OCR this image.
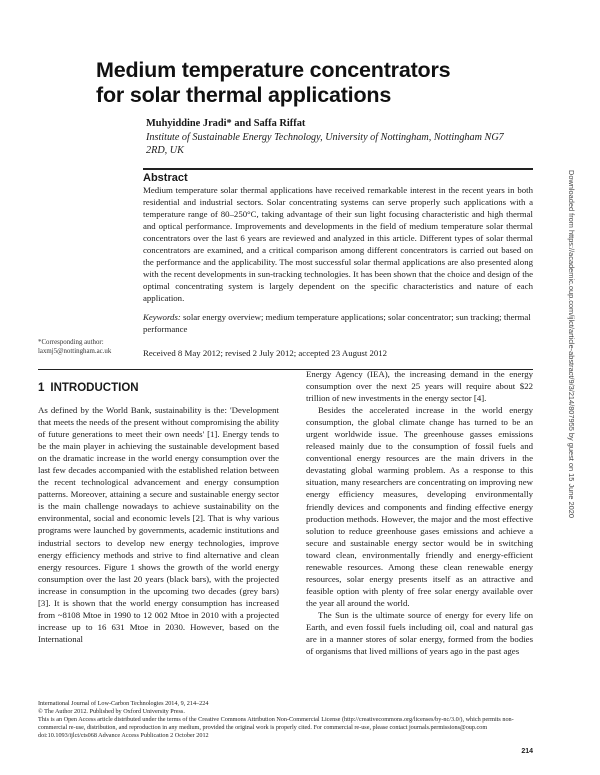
Medium temperature concentrators
for solar thermal applications
Muhyiddine Jradi* and Saffa Riffat
Institute of Sustainable Energy Technology, University of Nottingham, Nottingham NG7 2RD, UK
Abstract
Medium temperature solar thermal applications have received remarkable interest in the recent years in both residential and industrial sectors. Solar concentrating systems can serve properly such applications with a temperature range of 80–250°C, taking advantage of their sun light focusing characteristic and high thermal and optical performance. Improvements and developments in the field of medium temperature solar thermal concentrators over the last 6 years are reviewed and analyzed in this article. Different types of solar thermal concentrators are examined, and a critical comparison among different concentrators is carried out based on the performance and the applicability. The most successful solar thermal applications are also presented along with the recent developments in sun-tracking technologies. It has been shown that the choice and design of the optimal concentrating system is largely dependent on the specific characteristics and nature of each application.
Keywords: solar energy overview; medium temperature applications; solar concentrator; sun tracking; thermal performance
*Corresponding author:
laxmj5@nottingham.ac.uk	Received 8 May 2012; revised 2 July 2012; accepted 23 August 2012
1 INTRODUCTION

As defined by the World Bank, sustainability is the: 'Development that meets the needs of the present without compromising the ability of future generations to meet their own needs' [1]. Energy tends to be the main player in achieving the sustainable development based on the dramatic increase in the world energy consumption over the last few decades accompanied with the established relation between the recent technological advancement and energy consumption patterns. Moreover, attaining a secure and sustainable energy sector is the main challenge nowadays to achieve sustainability on the environmental, social and economic levels [2]. That is why various programs were launched by governments, academic institutions and industrial sectors to develop new energy technologies, improve energy efficiency methods and strive to find alternative and clean energy resources. Figure 1 shows the growth of the world energy consumption over the last 20 years (black bars), with the projected increase in consumption in the upcoming two decades (grey bars) [3]. It is shown that the world energy consumption has increased from ~8108 Mtoe in 1990 to 12 002 Mtoe in 2010 with a projected increase up to 16 631 Mtoe in 2030. However, based on the International

Energy Agency (IEA), the increasing demand in the energy consumption over the next 25 years will require about $22 trillion of new investments in the energy sector [4].

Besides the accelerated increase in the world energy consumption, the global climate change has turned to be an urgent worldwide issue. The greenhouse gasses emissions released mainly due to the consumption of fossil fuels and conventional energy resources are the main drivers in the devastating global warming problem. As a response to this situation, many researchers are concentrating on improving new energy efficiency measures, developing environmentally friendly devices and components and finding effective energy production methods. However, the major and the most effective solution to reduce greenhouse gases emissions and achieve a secure and sustainable energy sector would be in switching toward clean, environmentally friendly and energy-efficient renewable resources. Among these clean renewable energy resources, solar energy presents itself as an attractive and feasible option with plenty of free solar energy available over the year all around the world.

The Sun is the ultimate source of energy for every life on Earth, and even fossil fuels including oil, coal and natural gas are in a manner stores of solar energy, formed from the bodies of organisms that lived millions of years ago in the past ages

International Journal of Low-Carbon Technologies 2014, 9, 214–224
© The Author 2012. Published by Oxford University Press.
This is an Open Access article distributed under the terms of the Creative Commons Attribution Non-Commercial License (http://creativecommons.org/licenses/by-nc/3.0/), which permits non-commercial re-use, distribution, and reproduction in any medium, provided the original work is properly cited. For commercial re-use, please contact journals.permissions@oup.com
doi:10.1093/ijlct/cts068 Advance Access Publication 2 October 2012
214
Downloaded from https://academic.oup.com/ijlct/article-abstract/9/3/214/807955 by guest on 15 June 2020
